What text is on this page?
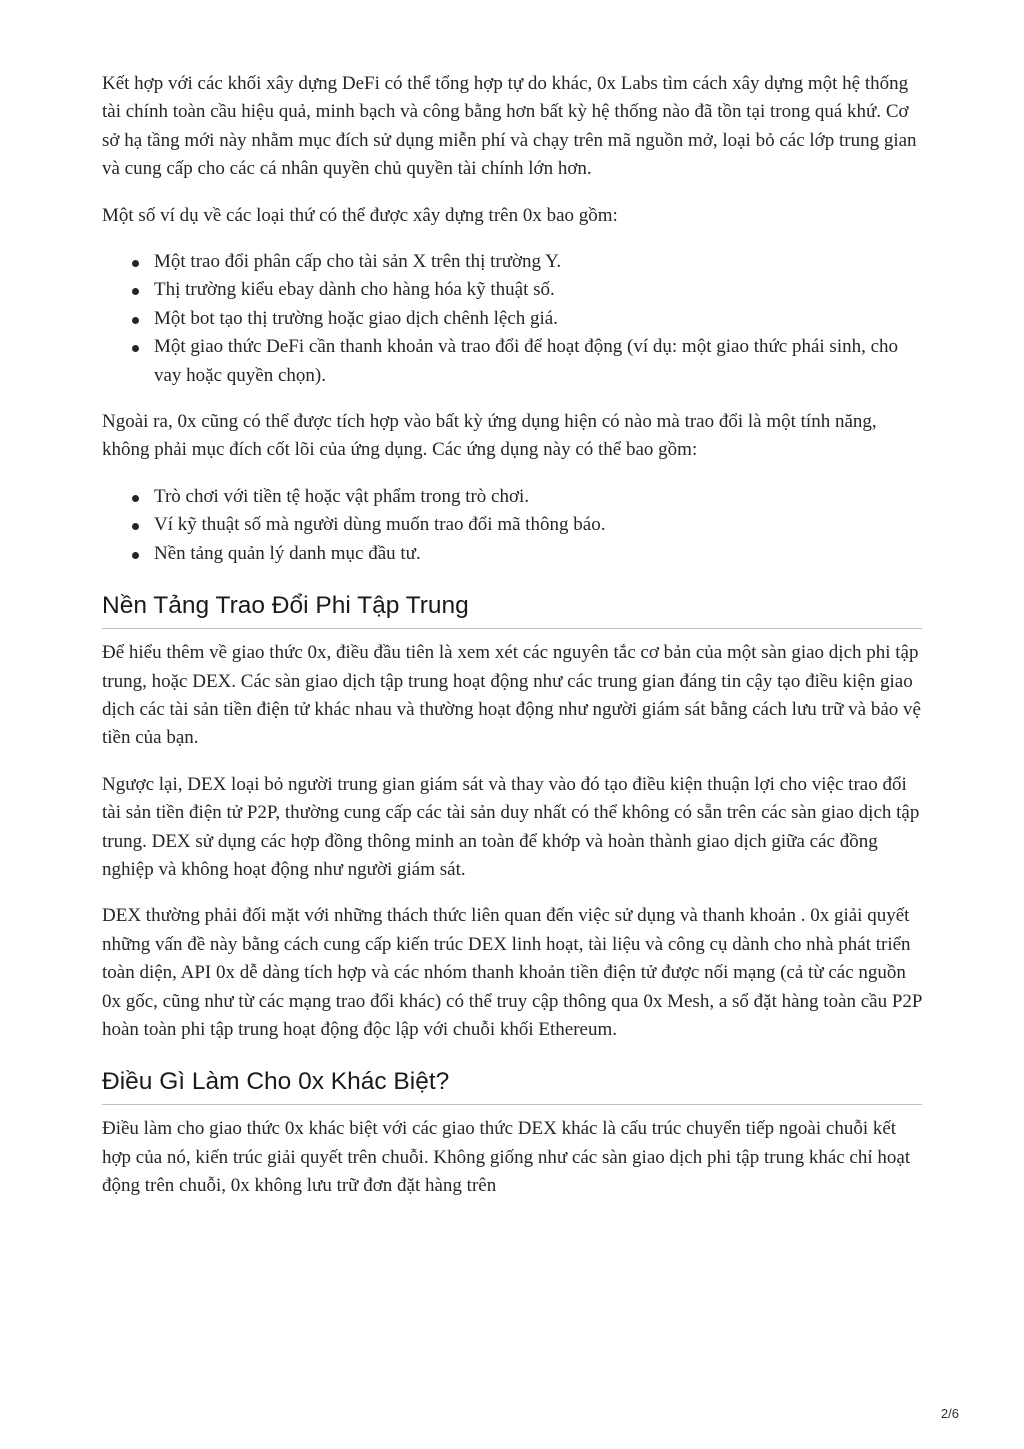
Kết hợp với các khối xây dựng DeFi có thể tổng hợp tự do khác, 0x Labs tìm cách xây dựng một hệ thống tài chính toàn cầu hiệu quả, minh bạch và công bằng hơn bất kỳ hệ thống nào đã tồn tại trong quá khứ. Cơ sở hạ tầng mới này nhằm mục đích sử dụng miễn phí và chạy trên mã nguồn mở, loại bỏ các lớp trung gian và cung cấp cho các cá nhân quyền chủ quyền tài chính lớn hơn.

Một số ví dụ về các loại thứ có thể được xây dựng trên 0x bao gồm:

Một trao đổi phân cấp cho tài sản X trên thị trường Y.
Thị trường kiểu ebay dành cho hàng hóa kỹ thuật số.
Một bot tạo thị trường hoặc giao dịch chênh lệch giá.
Một giao thức DeFi cần thanh khoản và trao đổi để hoạt động (ví dụ: một giao thức phái sinh, cho vay hoặc quyền chọn).

Ngoài ra, 0x cũng có thể được tích hợp vào bất kỳ ứng dụng hiện có nào mà trao đổi là một tính năng, không phải mục đích cốt lõi của ứng dụng. Các ứng dụng này có thể bao gồm:

Trò chơi với tiền tệ hoặc vật phẩm trong trò chơi.
Ví kỹ thuật số mà người dùng muốn trao đổi mã thông báo.
Nền tảng quản lý danh mục đầu tư.
Nền Tảng Trao Đổi Phi Tập Trung

Để hiểu thêm về giao thức 0x, điều đầu tiên là xem xét các nguyên tắc cơ bản của một sàn giao dịch phi tập trung, hoặc DEX. Các sàn giao dịch tập trung hoạt động như các trung gian đáng tin cậy tạo điều kiện giao dịch các tài sản tiền điện tử khác nhau và thường hoạt động như người giám sát bằng cách lưu trữ và bảo vệ tiền của bạn.

Ngược lại, DEX loại bỏ người trung gian giám sát và thay vào đó tạo điều kiện thuận lợi cho việc trao đổi tài sản tiền điện tử P2P, thường cung cấp các tài sản duy nhất có thể không có sẵn trên các sàn giao dịch tập trung. DEX sử dụng các hợp đồng thông minh an toàn để khớp và hoàn thành giao dịch giữa các đồng nghiệp và không hoạt động như người giám sát.

DEX thường phải đối mặt với những thách thức liên quan đến việc sử dụng và thanh khoản . 0x giải quyết những vấn đề này bằng cách cung cấp kiến trúc DEX linh hoạt, tài liệu và công cụ dành cho nhà phát triển toàn diện, API 0x dễ dàng tích hợp và các nhóm thanh khoản tiền điện tử được nối mạng (cả từ các nguồn 0x gốc, cũng như từ các mạng trao đổi khác) có thể truy cập thông qua 0x Mesh, a sổ đặt hàng toàn cầu P2P hoàn toàn phi tập trung hoạt động độc lập với chuỗi khối Ethereum.

Điều Gì Làm Cho 0x Khác Biệt?

Điều làm cho giao thức 0x khác biệt với các giao thức DEX khác là cấu trúc chuyển tiếp ngoài chuỗi kết hợp của nó, kiến trúc giải quyết trên chuỗi. Không giống như các sàn giao dịch phi tập trung khác chỉ hoạt động trên chuỗi, 0x không lưu trữ đơn đặt hàng trên

2/6
